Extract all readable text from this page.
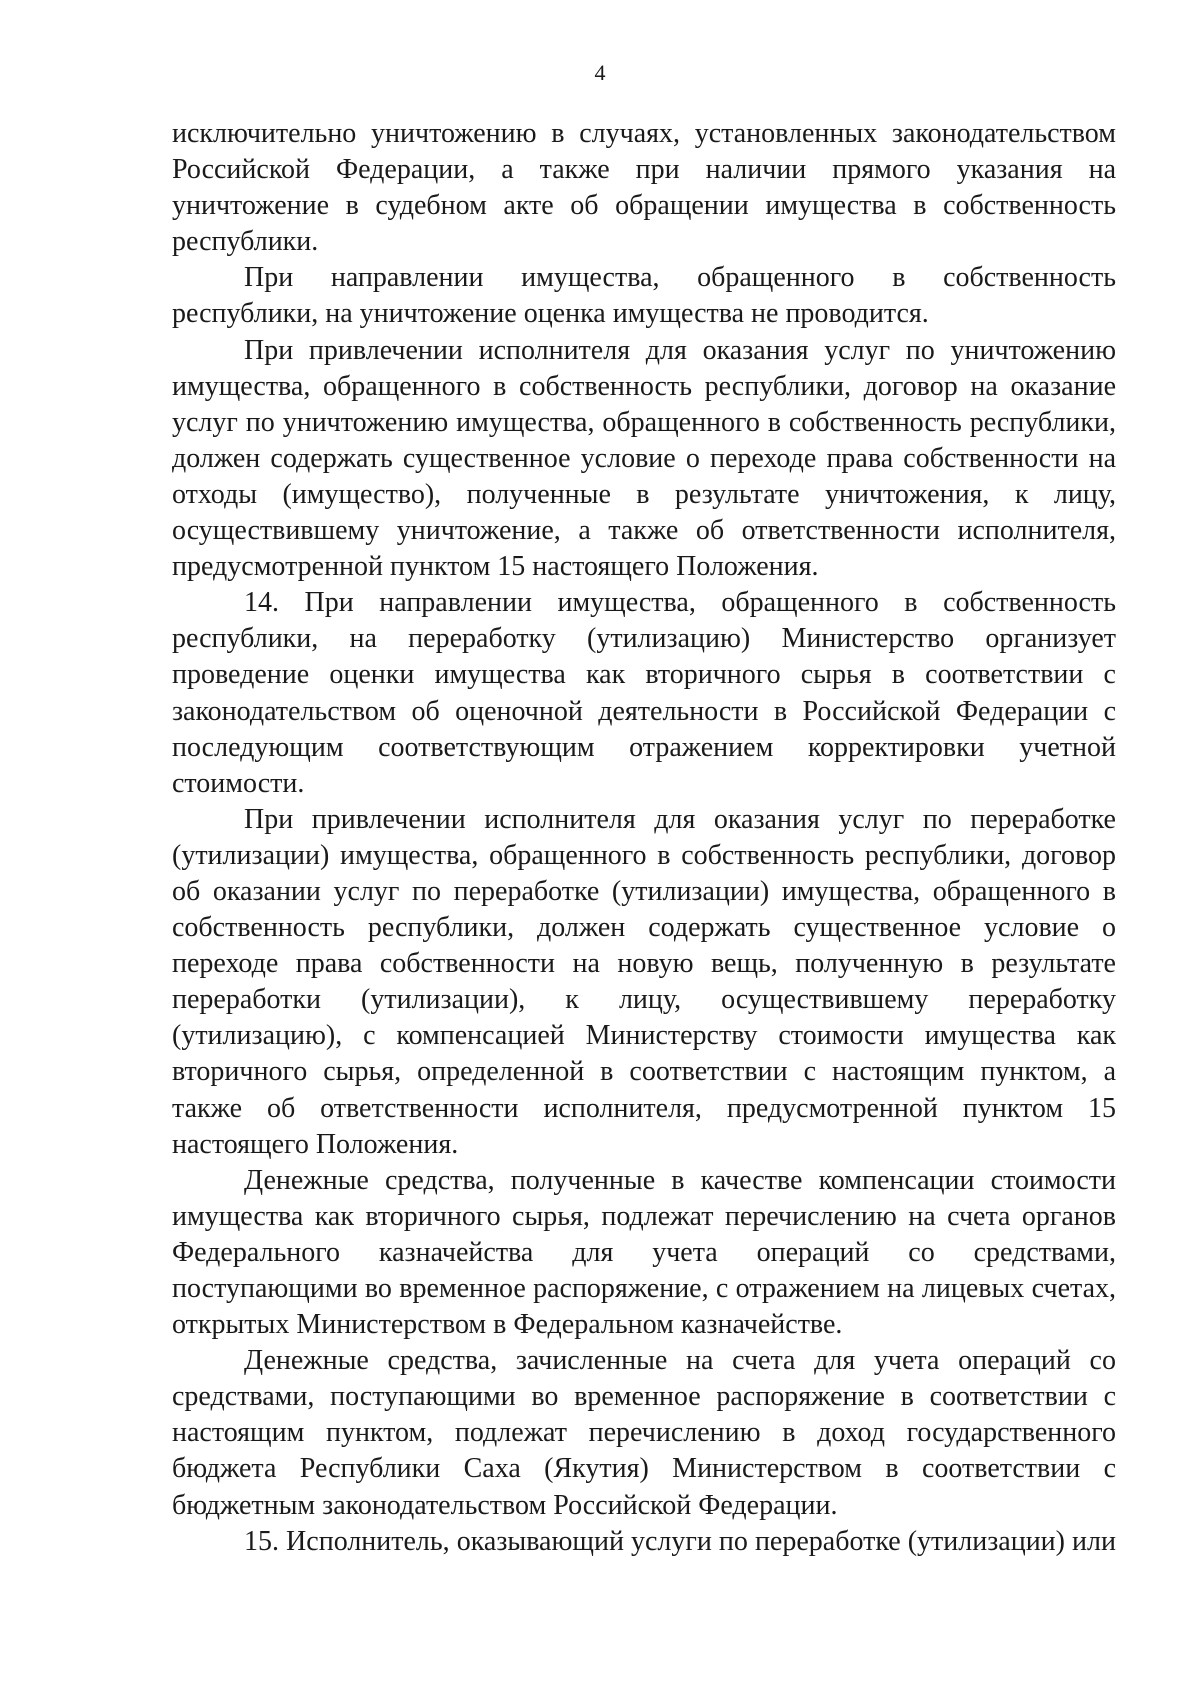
4

исключительно уничтожению в случаях, установленных законодательством Российской Федерации, а также при наличии прямого указания на уничтожение в судебном акте об обращении имущества в собственность республики.

При направлении имущества, обращенного в собственность республики, на уничтожение оценка имущества не проводится.

При привлечении исполнителя для оказания услуг по уничтожению имущества, обращенного в собственность республики, договор на оказание услуг по уничтожению имущества, обращенного в собственность республики, должен содержать существенное условие о переходе права собственности на отходы (имущество), полученные в результате уничтожения, к лицу, осуществившему уничтожение, а также об ответственности исполнителя, предусмотренной пунктом 15 настоящего Положения.

14. При направлении имущества, обращенного в собственность республики, на переработку (утилизацию) Министерство организует проведение оценки имущества как вторичного сырья в соответствии с законодательством об оценочной деятельности в Российской Федерации с последующим соответствующим отражением корректировки учетной стоимости.

При привлечении исполнителя для оказания услуг по переработке (утилизации) имущества, обращенного в собственность республики, договор об оказании услуг по переработке (утилизации) имущества, обращенного в собственность республики, должен содержать существенное условие о переходе права собственности на новую вещь, полученную в результате переработки (утилизации), к лицу, осуществившему переработку (утилизацию), с компенсацией Министерству стоимости имущества как вторичного сырья, определенной в соответствии с настоящим пунктом, а также об ответственности исполнителя, предусмотренной пунктом 15 настоящего Положения.

Денежные средства, полученные в качестве компенсации стоимости имущества как вторичного сырья, подлежат перечислению на счета органов Федерального казначейства для учета операций со средствами, поступающими во временное распоряжение, с отражением на лицевых счетах, открытых Министерством в Федеральном казначействе.

Денежные средства, зачисленные на счета для учета операций со средствами, поступающими во временное распоряжение в соответствии с настоящим пунктом, подлежат перечислению в доход государственного бюджета Республики Саха (Якутия) Министерством в соответствии с бюджетным законодательством Российской Федерации.

15. Исполнитель, оказывающий услуги по переработке (утилизации) или
